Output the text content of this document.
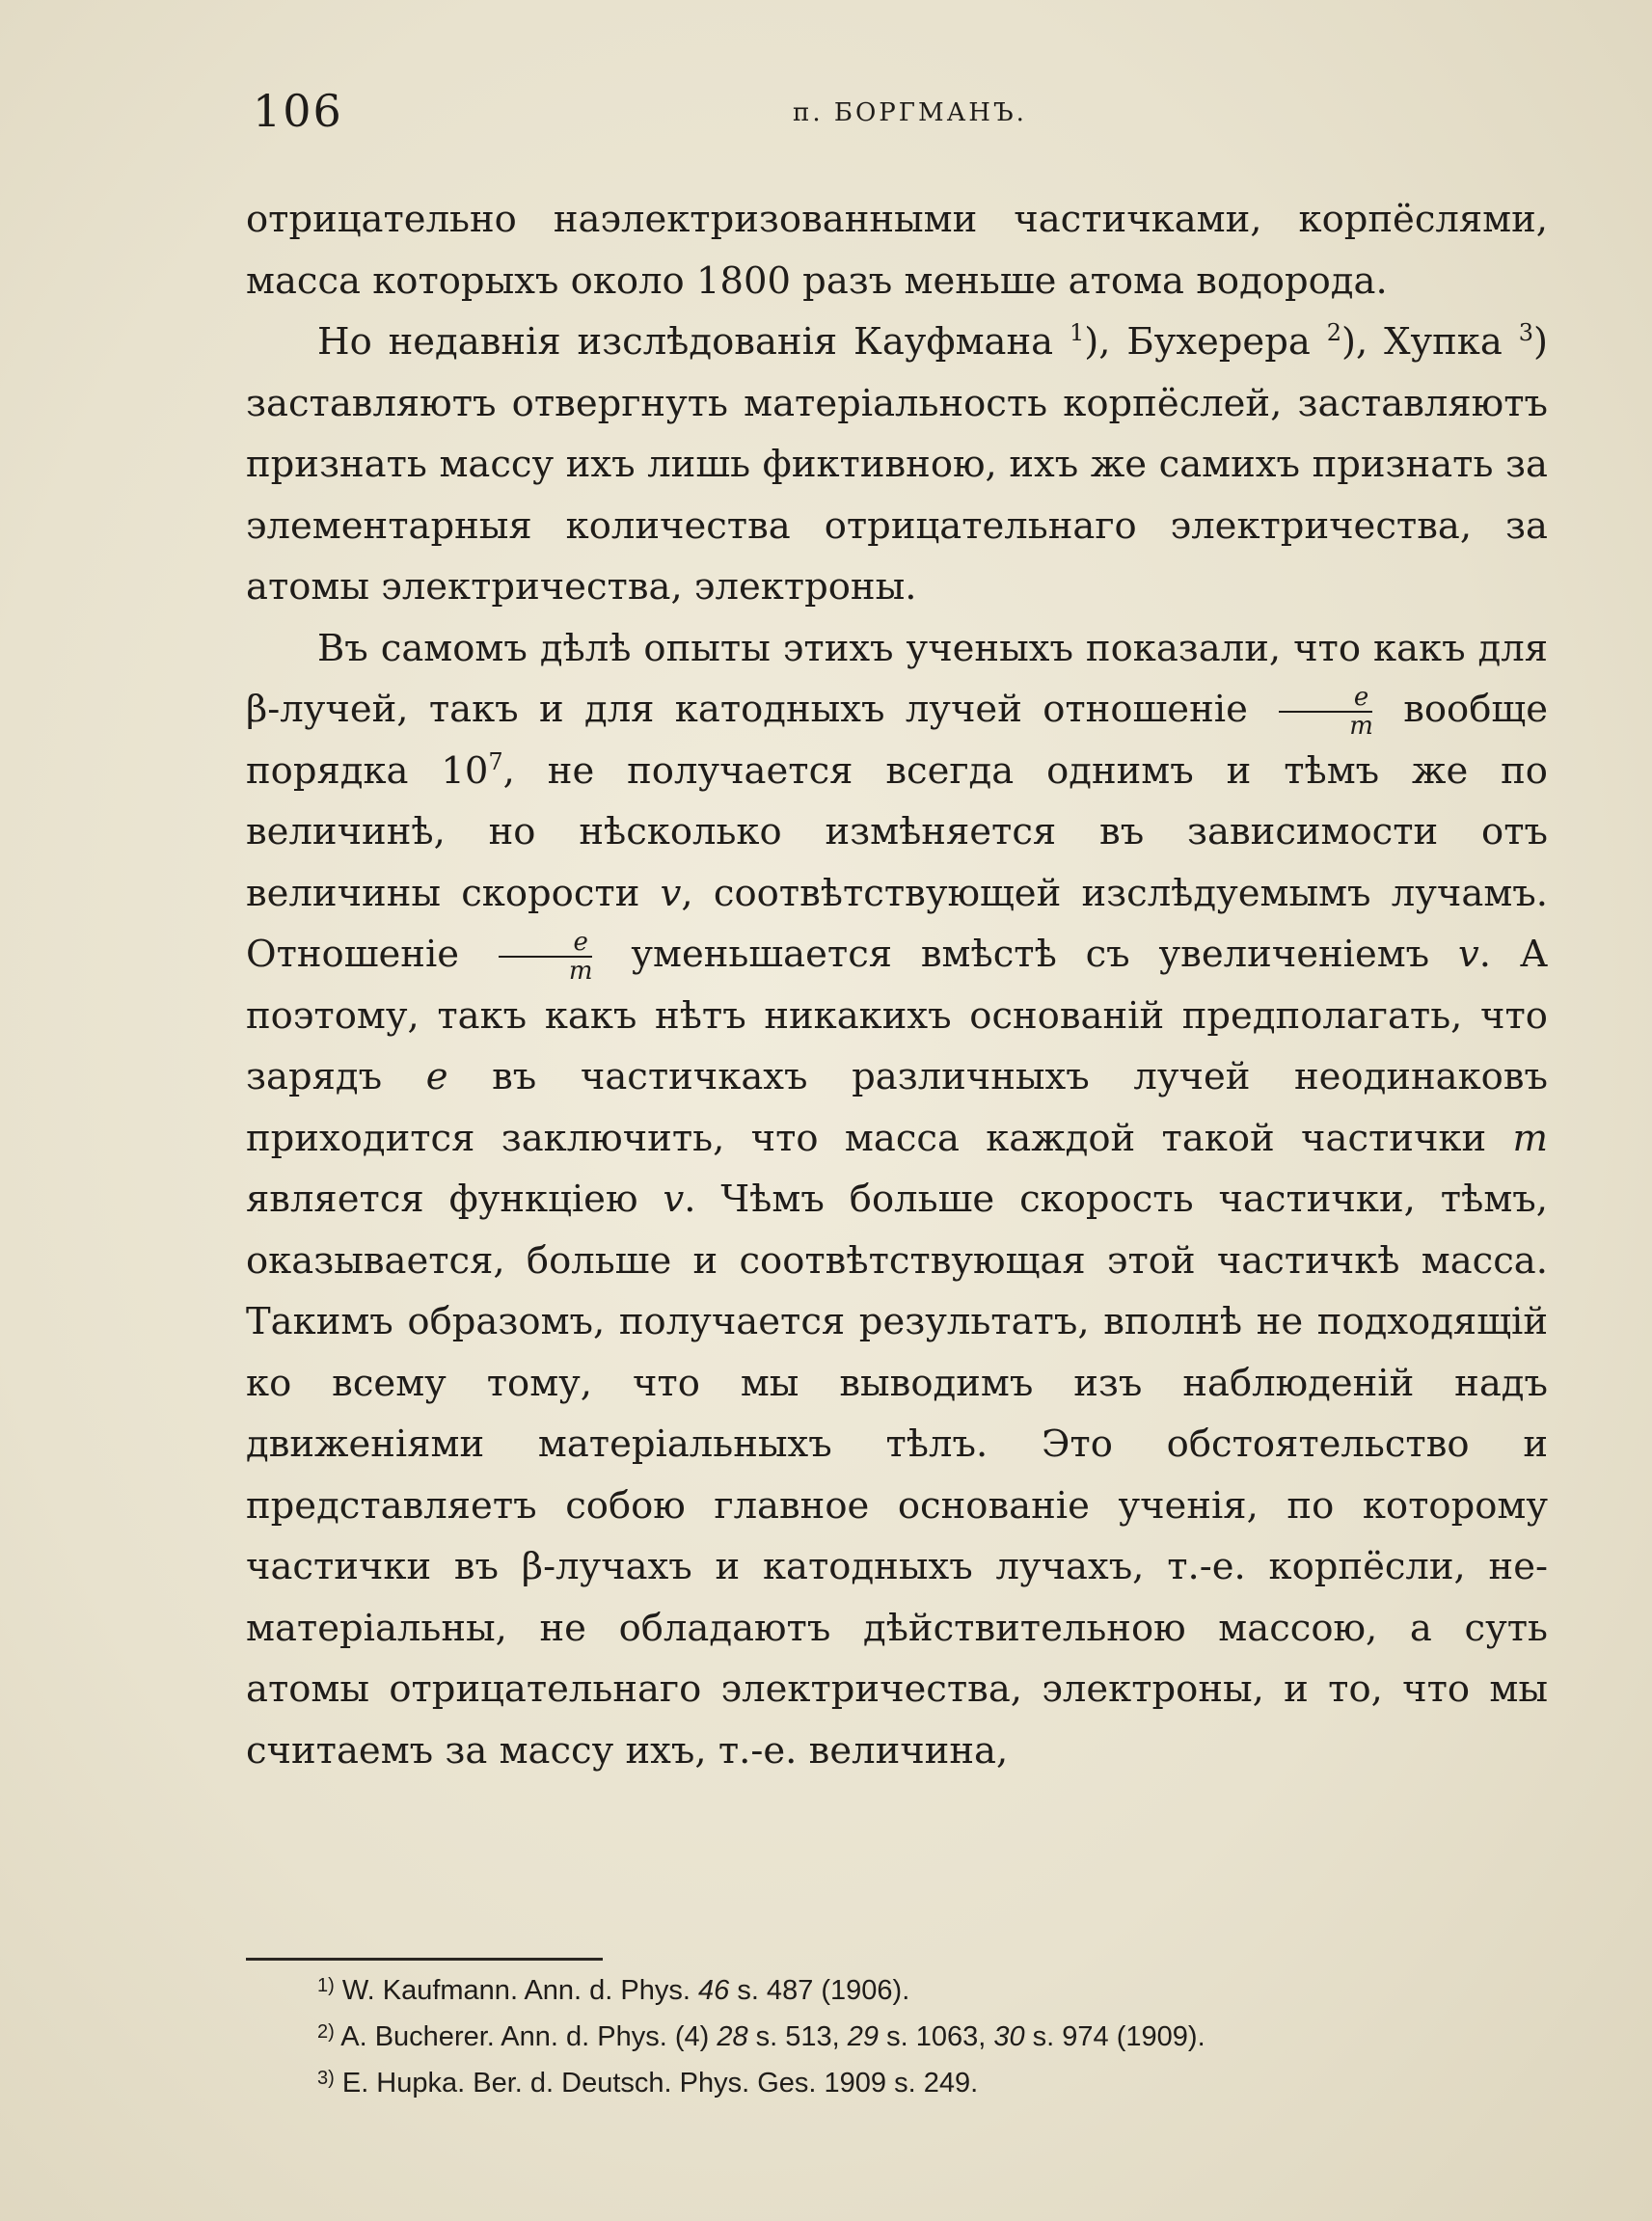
106	п. БОРГМАНЪ.

отрицательно наэлектризованными частичками, корпёслями, масса которыхъ около 1800 разъ меньше атома водорода.

Но недавнія изслѣдованія Кауфмана $^1$), Бухерера $^2$), Хупка $^3$) заставляютъ отвергнуть матеріальность корпёслей, заставляютъ признать массу ихъ лишь фиктивною, ихъ же самихъ признать за элементарныя количества отрицательнаго электричества, за атомы электричества, электроны.

Въ самомъ дѣлѣ опыты этихъ ученыхъ показали, что какъ для β-лучей, такъ и для катодныхъ лучей отношеніе $\frac{e}{m}$ вообще порядка $10^7$, не получается всегда однимъ и тѣмъ же по величинѣ, но нѣсколько измѣняется въ зависимости отъ величины скорости v, соотвѣтствующей изслѣдуемымъ лучамъ. Отношеніе $\frac{e}{m}$ уменьшается вмѣстѣ съ увеличеніемъ v. А поэтому, такъ какъ нѣтъ никакихъ основаній предполагать, что зарядъ e въ частичкахъ различныхъ лучей неодинаковъ приходится заключить, что масса каждой такой частички m является функціею v. Чѣмъ больше скорость частички, тѣмъ, оказывается, больше и соотвѣтствующая этой частичкѣ масса. Такимъ образомъ, получается результатъ, вполнѣ не подходящій ко всему тому, что мы выводимъ изъ наблюденій надъ движеніями матеріальныхъ тѣлъ. Это обстоятельство и представляетъ собою главное основаніе ученія, по которому частички въ β-лучахъ и катодныхъ лучахъ, т.-е. корпёсли, нематеріальны, не обладаютъ дѣйствительною массою, а суть атомы отрицательнаго электричества, электроны, и то, что мы считаемъ за массу ихъ, т.-е. величина,

$^{1)}$ W. Kaufmann. Ann. d. Phys. 46 s. 487 (1906).

$^{2)}$ A. Bucherer. Ann. d. Phys. (4) 28 s. 513, 29 s. 1063, 30 s. 974 (1909).

$^{3)}$ E. Hupka. Ber. d. Deutsch. Phys. Ges. 1909 s. 249.
